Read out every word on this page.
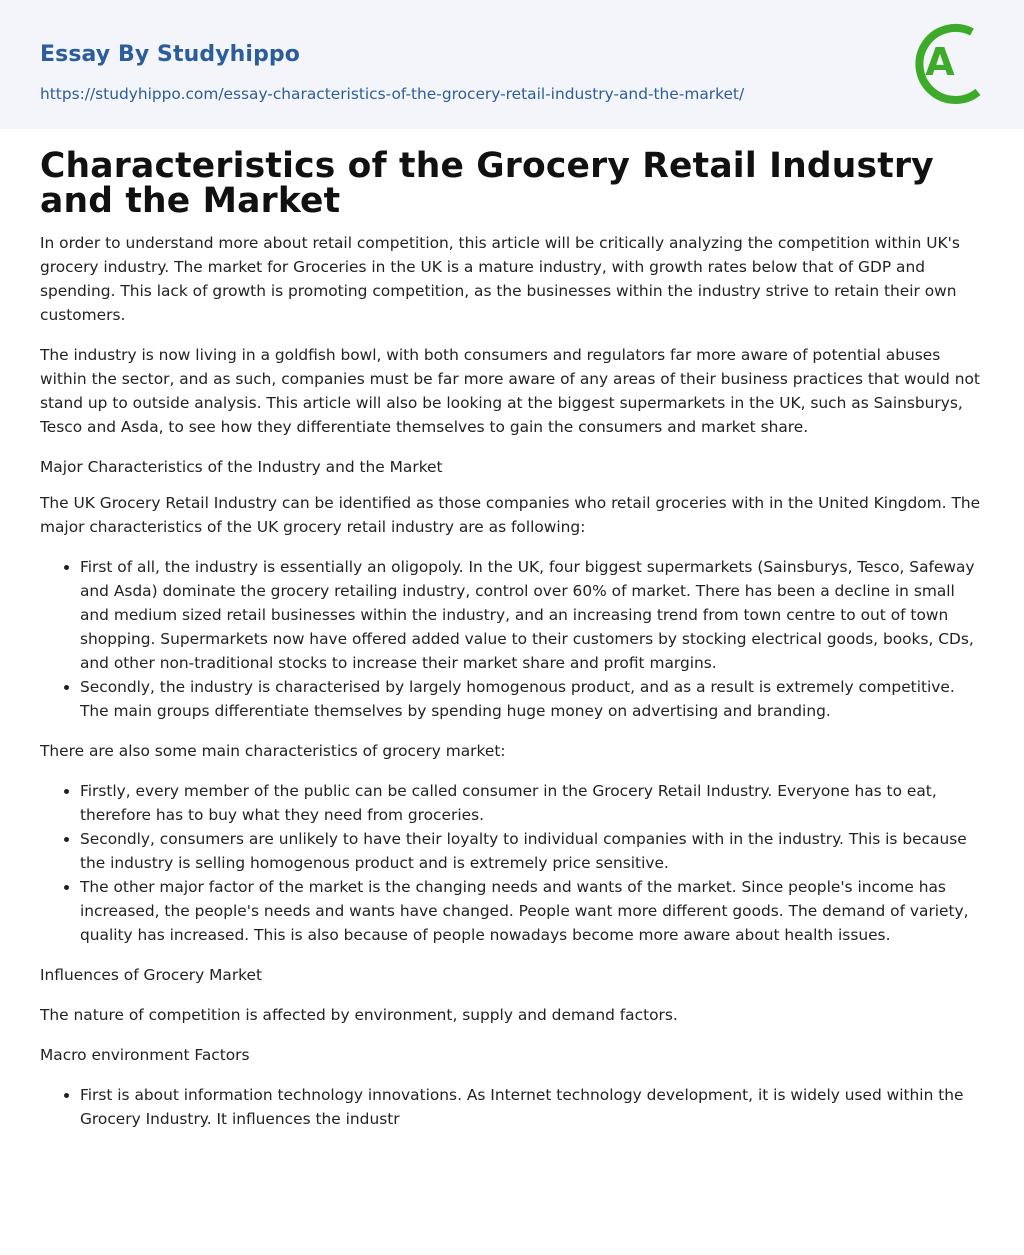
Essay By Studyhippo
https://studyhippo.com/essay-characteristics-of-the-grocery-retail-industry-and-the-market/
A
Characteristics of the Grocery Retail Industry and the Market

In order to understand more about retail competition, this article will be critically analyzing the competition within UK's grocery industry. The market for Groceries in the UK is a mature industry, with growth rates below that of GDP and spending. This lack of growth is promoting competition, as the businesses within the industry strive to retain their own customers.

The industry is now living in a goldfish bowl, with both consumers and regulators far more aware of potential abuses within the sector, and as such, companies must be far more aware of any areas of their business practices that would not stand up to outside analysis. This article will also be looking at the biggest supermarkets in the UK, such as Sainsburys, Tesco and Asda, to see how they differentiate themselves to gain the consumers and market share.

Major Characteristics of the Industry and the Market

The UK Grocery Retail Industry can be identified as those companies who retail groceries with in the United Kingdom. The major characteristics of the UK grocery retail industry are as following:

• First of all, the industry is essentially an oligopoly. In the UK, four biggest supermarkets (Sainsburys, Tesco, Safeway and Asda) dominate the grocery retailing industry, control over 60% of market. There has been a decline in small and medium sized retail businesses within the industry, and an increasing trend from town centre to out of town shopping. Supermarkets now have offered added value to their customers by stocking electrical goods, books, CDs, and other non-traditional stocks to increase their market share and profit margins.
• Secondly, the industry is characterised by largely homogenous product, and as a result is extremely competitive. The main groups differentiate themselves by spending huge money on advertising and branding.

There are also some main characteristics of grocery market:

• Firstly, every member of the public can be called consumer in the Grocery Retail Industry. Everyone has to eat, therefore has to buy what they need from groceries.
• Secondly, consumers are unlikely to have their loyalty to individual companies with in the industry. This is because the industry is selling homogenous product and is extremely price sensitive.
• The other major factor of the market is the changing needs and wants of the market. Since people's income has increased, the people's needs and wants have changed. People want more different goods. The demand of variety, quality has increased. This is also because of people nowadays become more aware about health issues.

Influences of Grocery Market

The nature of competition is affected by environment, supply and demand factors.

Macro environment Factors

• First is about information technology innovations. As Internet technology development, it is widely used within the Grocery Industry. It influences the industr
